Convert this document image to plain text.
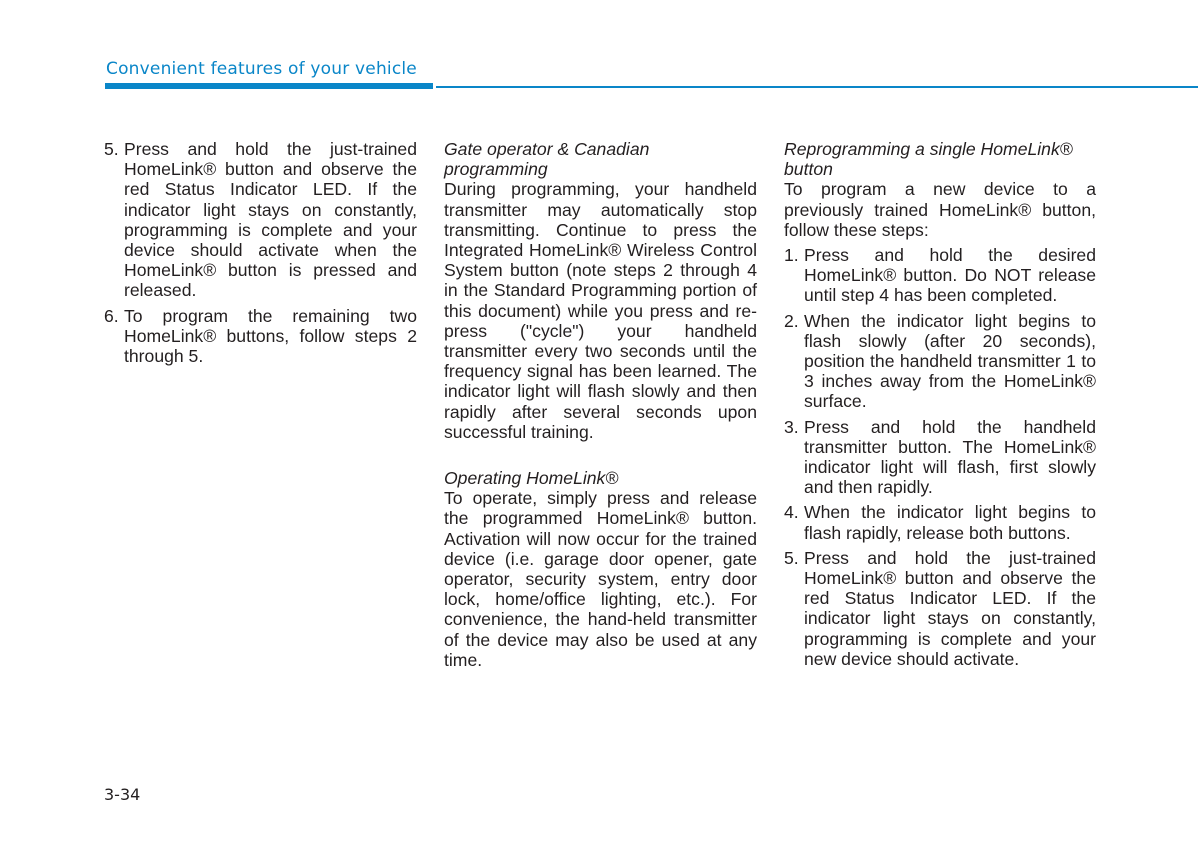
Convenient features of your vehicle
5. Press and hold the just-trained HomeLink® button and observe the red Status Indicator LED. If the indicator light stays on constantly, programming is complete and your device should activate when the HomeLink® button is pressed and released.
6. To program the remaining two HomeLink® buttons, follow steps 2 through 5.

Gate operator & Canadian programming

During programming, your handheld transmitter may automatically stop transmitting. Continue to press the Integrated HomeLink® Wireless Control System button (note steps 2 through 4 in the Standard Programming portion of this document) while you press and re-press ("cycle") your handheld transmitter every two seconds until the frequency signal has been learned. The indicator light will flash slowly and then rapidly after several seconds upon successful training.

Operating HomeLink®

To operate, simply press and release the programmed HomeLink® button. Activation will now occur for the trained device (i.e. garage door opener, gate operator, security system, entry door lock, home/office lighting, etc.). For convenience, the hand-held transmitter of the device may also be used at any time.

Reprogramming a single HomeLink® button

To program a new device to a previously trained HomeLink® button, follow these steps:

1. Press and hold the desired HomeLink® button. Do NOT release until step 4 has been completed.
2. When the indicator light begins to flash slowly (after 20 seconds), position the handheld transmitter 1 to 3 inches away from the HomeLink® surface.
3. Press and hold the handheld transmitter button. The HomeLink® indicator light will flash, first slowly and then rapidly.
4. When the indicator light begins to flash rapidly, release both buttons.
5. Press and hold the just-trained HomeLink® button and observe the red Status Indicator LED. If the indicator light stays on constantly, programming is complete and your new device should activate.
3-34
